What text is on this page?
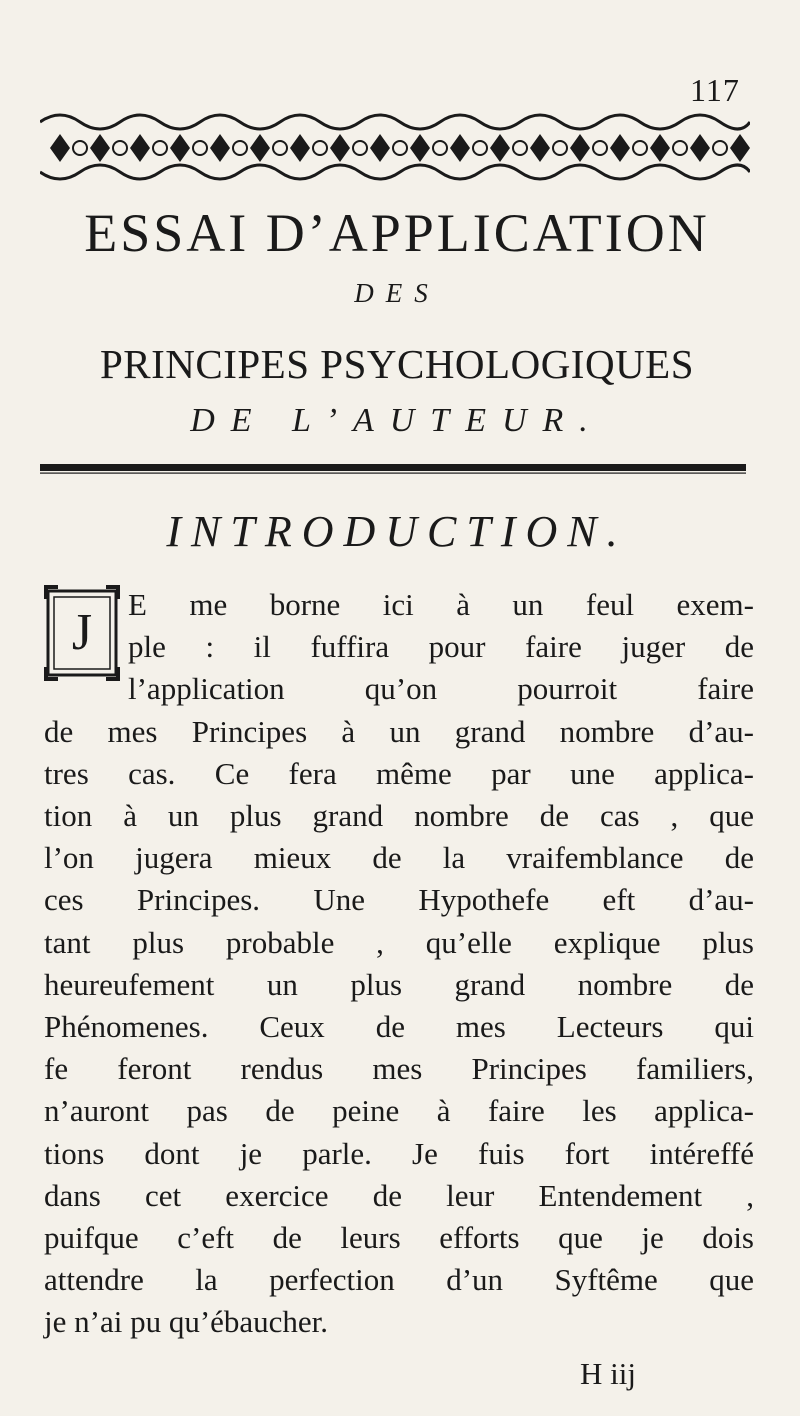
117
ESSAI D’APPLICATION
DES
PRINCIPES PSYCHOLOGIQUES
DE L’AUTEUR.
INTRODUCTION.
J	E me borne ici à un feul exem-
ple : il fuffira pour faire juger de
l’application qu’on pourroit faire
de mes Principes à un grand nombre d’au-
tres cas. Ce fera même par une applica-
tion à un plus grand nombre de cas , que
l’on jugera mieux de la vraifemblance de
ces Principes. Une Hypothefe eft d’au-
tant plus probable , qu’elle explique plus
heureufement un plus grand nombre de
Phénomenes. Ceux de mes Lecteurs qui
fe feront rendus mes Principes familiers,
n’auront pas de peine à faire les applica-
tions dont je parle. Je fuis fort intéreffé
dans cet exercice de leur Entendement ,
puifque c’eft de leurs efforts que je dois
attendre la perfection d’un Syftême que
je n’ai pu qu’ébaucher.
H iij
